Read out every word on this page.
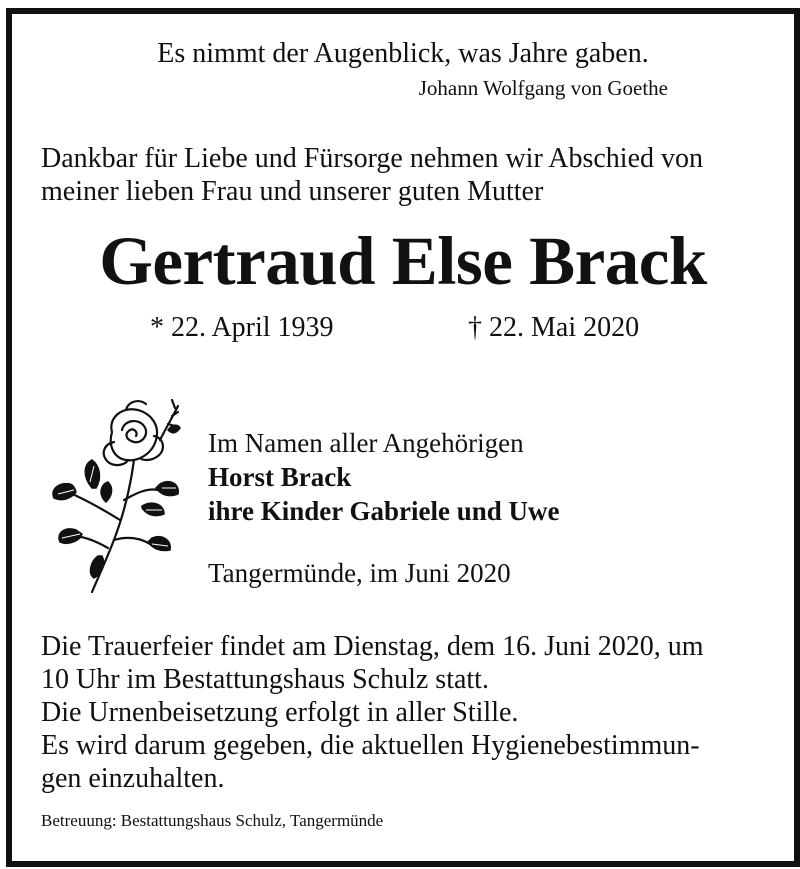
Es nimmt der Augenblick, was Jahre gaben.

Johann Wolfgang von Goethe

Dankbar für Liebe und Fürsorge nehmen wir Abschied von
meiner lieben Frau und unserer guten Mutter

Gertraud Else Brack

* 22. April 1939	† 22. Mai 2020

Im Namen aller Angehörigen
Horst Brack
ihre Kinder Gabriele und Uwe

Tangermünde, im Juni 2020

Die Trauerfeier findet am Dienstag, dem 16. Juni 2020, um
10 Uhr im Bestattungshaus Schulz statt.
Die Urnenbeisetzung erfolgt in aller Stille.
Es wird darum gegeben, die aktuellen Hygienebestimmun-
gen einzuhalten.

Betreuung: Bestattungshaus Schulz, Tangermünde
